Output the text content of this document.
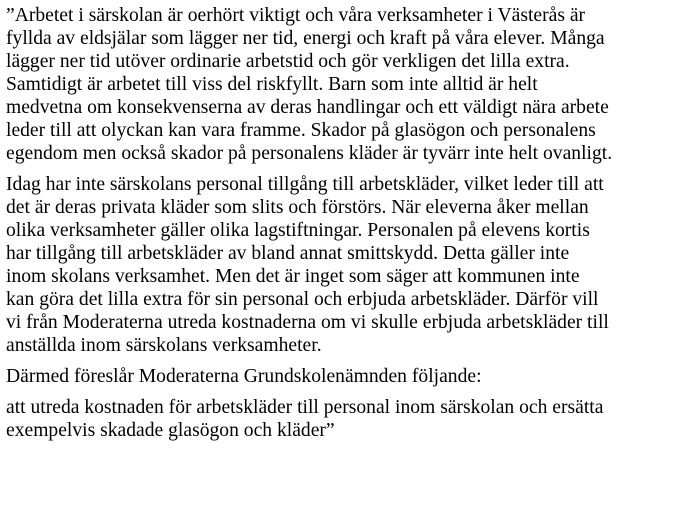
”Arbetet i särskolan är oerhört viktigt och våra verksamheter i Västerås är
fyllda av eldsjälar som lägger ner tid, energi och kraft på våra elever. Många
lägger ner tid utöver ordinarie arbetstid och gör verkligen det lilla extra.
Samtidigt är arbetet till viss del riskfyllt. Barn som inte alltid är helt
medvetna om konsekvenserna av deras handlingar och ett väldigt nära arbete
leder till att olyckan kan vara framme. Skador på glasögon och personalens
egendom men också skador på personalens kläder är tyvärr inte helt ovanligt.

Idag har inte särskolans personal tillgång till arbetskläder, vilket leder till att
det är deras privata kläder som slits och förstörs. När eleverna åker mellan
olika verksamheter gäller olika lagstiftningar. Personalen på elevens kortis
har tillgång till arbetskläder av bland annat smittskydd. Detta gäller inte
inom skolans verksamhet. Men det är inget som säger att kommunen inte
kan göra det lilla extra för sin personal och erbjuda arbetskläder. Därför vill
vi från Moderaterna utreda kostnaderna om vi skulle erbjuda arbetskläder till
anställda inom särskolans verksamheter.

Därmed föreslår Moderaterna Grundskolenämnden följande:

att utreda kostnaden för arbetskläder till personal inom särskolan och ersätta
exempelvis skadade glasögon och kläder”
